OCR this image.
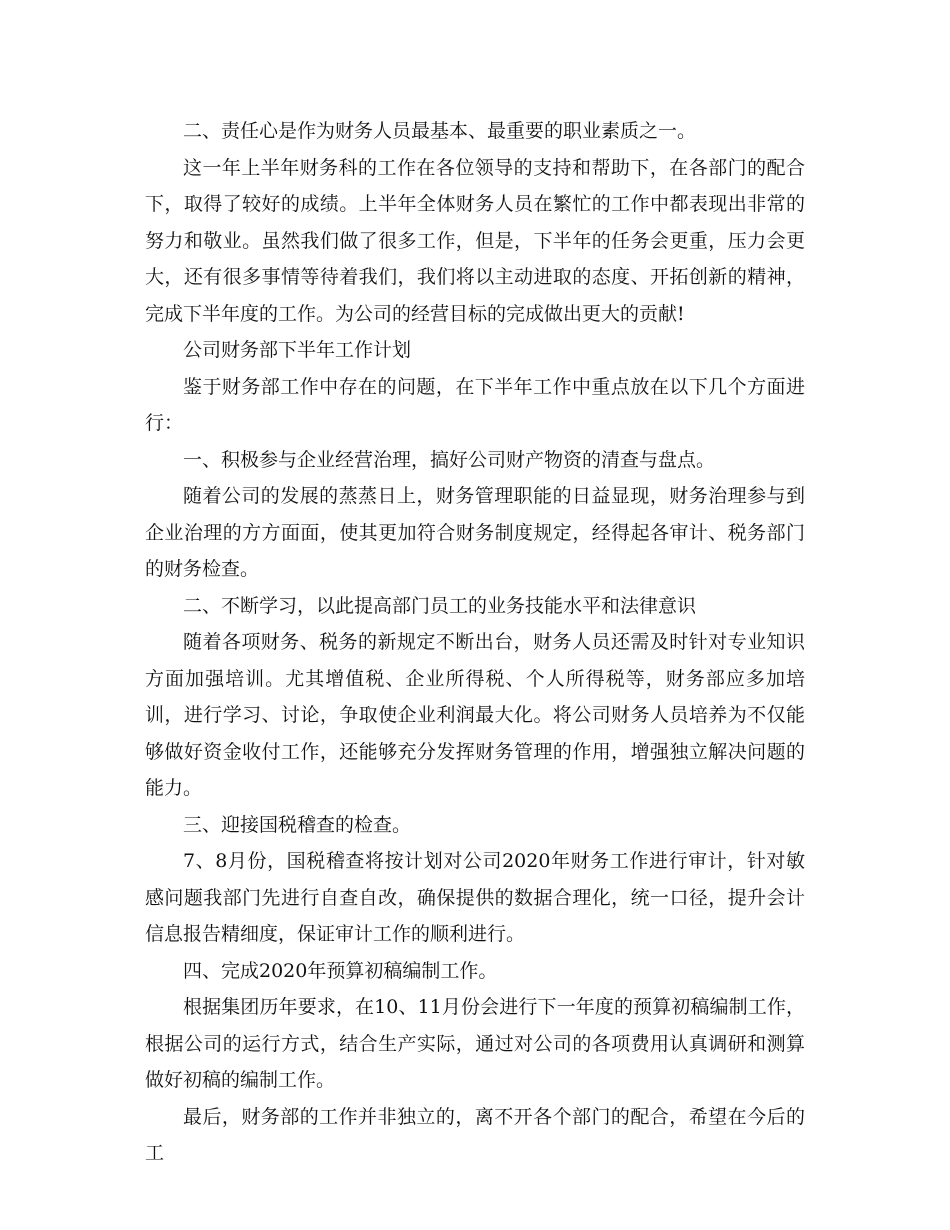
二、责任心是作为财务人员最基本、最重要的职业素质之一。

这一年上半年财务科的工作在各位领导的支持和帮助下，在各部门的配合下，取得了较好的成绩。上半年全体财务人员在繁忙的工作中都表现出非常的努力和敬业。虽然我们做了很多工作，但是，下半年的任务会更重，压力会更大，还有很多事情等待着我们，我们将以主动进取的态度、开拓创新的精神，完成下半年度的工作。为公司的经营目标的完成做出更大的贡献!

公司财务部下半年工作计划

鉴于财务部工作中存在的问题，在下半年工作中重点放在以下几个方面进行：

一、积极参与企业经营治理，搞好公司财产物资的清查与盘点。

随着公司的发展的蒸蒸日上，财务管理职能的日益显现，财务治理参与到企业治理的方方面面，使其更加符合财务制度规定，经得起各审计、税务部门的财务检查。

二、不断学习，以此提高部门员工的业务技能水平和法律意识

随着各项财务、税务的新规定不断出台，财务人员还需及时针对专业知识方面加强培训。尤其增值税、企业所得税、个人所得税等，财务部应多加培训，进行学习、讨论，争取使企业利润最大化。将公司财务人员培养为不仅能够做好资金收付工作，还能够充分发挥财务管理的作用，增强独立解决问题的能力。

三、迎接国税稽查的检查。

7、8月份，国税稽查将按计划对公司2020年财务工作进行审计，针对敏感问题我部门先进行自查自改，确保提供的数据合理化，统一口径，提升会计信息报告精细度，保证审计工作的顺利进行。

四、完成2020年预算初稿编制工作。

根据集团历年要求，在10、11月份会进行下一年度的预算初稿编制工作，根据公司的运行方式，结合生产实际，通过对公司的各项费用认真调研和测算做好初稿的编制工作。

最后，财务部的工作并非独立的，离不开各个部门的配合，希望在今后的工
